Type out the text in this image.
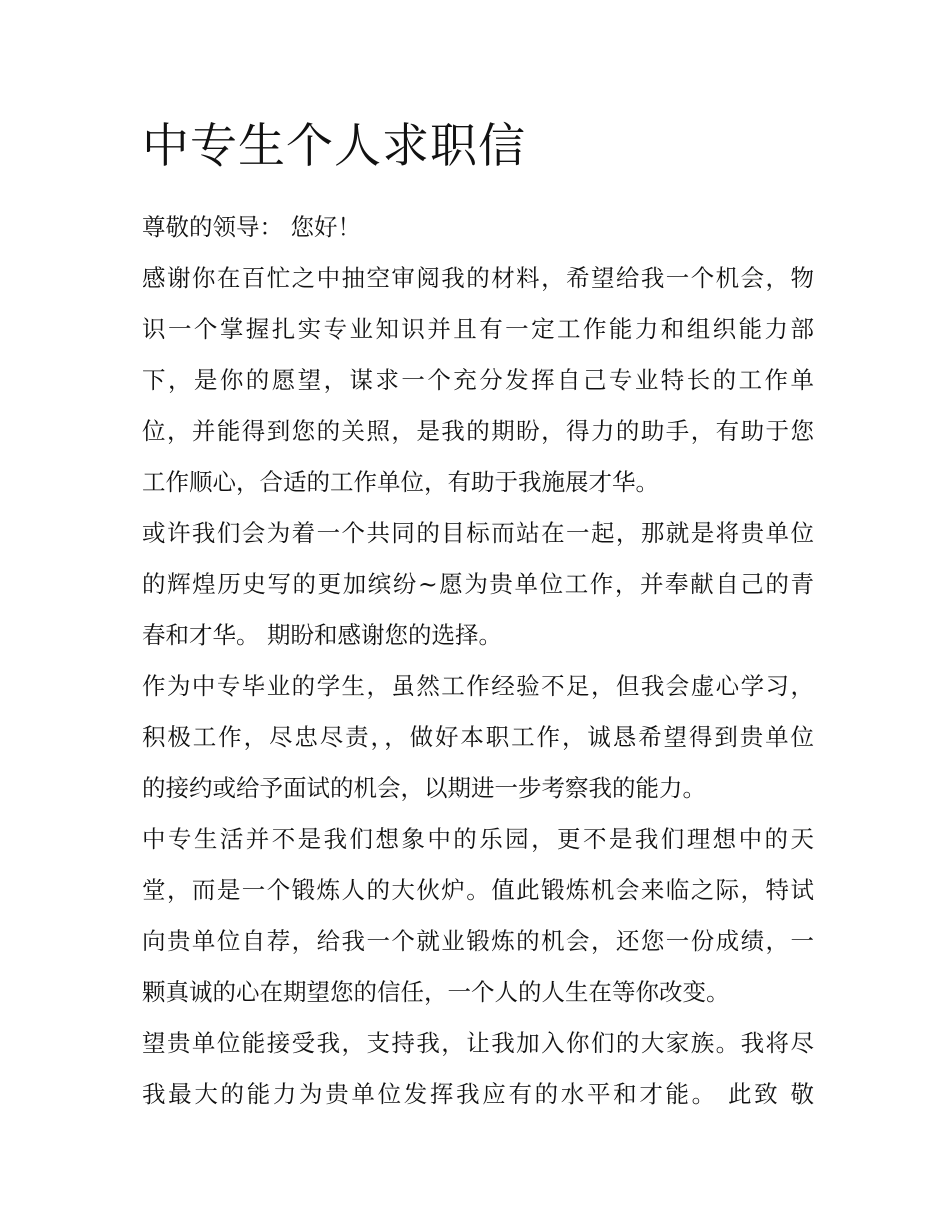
中专生个人求职信

尊敬的领导： 您好！

感谢你在百忙之中抽空审阅我的材料，希望给我一个机会，物
识一个掌握扎实专业知识并且有一定工作能力和组织能力部
下，是你的愿望，谋求一个充分发挥自己专业特长的工作单
位，并能得到您的关照，是我的期盼，得力的助手，有助于您
工作顺心，合适的工作单位，有助于我施展才华。

或许我们会为着一个共同的目标而站在一起，那就是将贵单位
的辉煌历史写的更加缤纷~愿为贵单位工作，并奉献自己的青
春和才华。 期盼和感谢您的选择。

作为中专毕业的学生，虽然工作经验不足，但我会虚心学习，
积极工作，尽忠尽责，，做好本职工作，诚恳希望得到贵单位
的接约或给予面试的机会，以期进一步考察我的能力。

中专生活并不是我们想象中的乐园，更不是我们理想中的天
堂，而是一个锻炼人的大伙炉。值此锻炼机会来临之际，特试
向贵单位自荐，给我一个就业锻炼的机会，还您一份成绩，一
颗真诚的心在期望您的信任，一个人的人生在等你改变。

望贵单位能接受我，支持我，让我加入你们的大家族。我将尽
我最大的能力为贵单位发挥我应有的水平和才能。 此致 敬
